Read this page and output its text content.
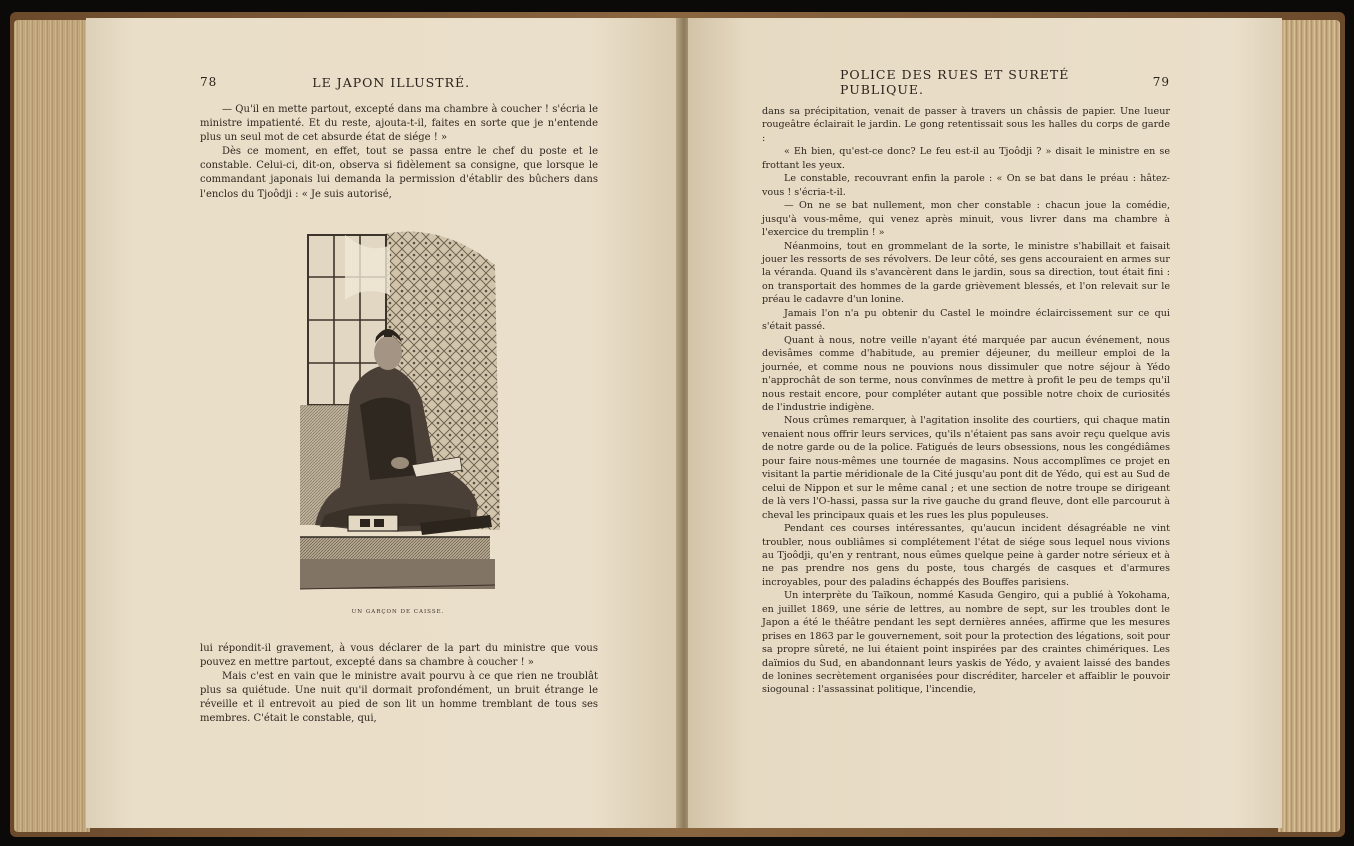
78	LE JAPON ILLUSTRÉ.

— Qu'il en mette partout, excepté dans ma chambre à coucher ! s'écria le ministre impatienté. Et du reste, ajouta-t-il, faites en sorte que je n'entende plus un seul mot de cet absurde état de siége ! »

Dès ce moment, en effet, tout se passa entre le chef du poste et le constable. Celui-ci, dit-on, observa si fidèlement sa consigne, que lorsque le commandant japonais lui demanda la permission d'établir des bûchers dans l'enclos du Tjoôdji : « Je suis autorisé,

UN GARÇON DE CAISSE.

lui répondit-il gravement, à vous déclarer de la part du ministre que vous pouvez en mettre partout, excepté dans sa chambre à coucher ! »

Mais c'est en vain que le ministre avait pourvu à ce que rien ne troublât plus sa quiétude. Une nuit qu'il dormait profondément, un bruit étrange le réveille et il entrevoit au pied de son lit un homme tremblant de tous ses membres. C'était le constable, qui,

POLICE DES RUES ET SURETÉ PUBLIQUE.	79

dans sa précipitation, venait de passer à travers un châssis de papier. Une lueur rougeâtre éclairait le jardin. Le gong retentissait sous les halles du corps de garde :

« Eh bien, qu'est-ce donc? Le feu est-il au Tjoôdji ? » disait le ministre en se frottant les yeux.

Le constable, recouvrant enfin la parole : « On se bat dans le préau : hâtez-vous ! s'écria-t-il.

— On ne se bat nullement, mon cher constable : chacun joue la comédie, jusqu'à vous-même, qui venez après minuit, vous livrer dans ma chambre à l'exercice du tremplin ! »

Néanmoins, tout en grommelant de la sorte, le ministre s'habillait et faisait jouer les ressorts de ses révolvers. De leur côté, ses gens accouraient en armes sur la véranda. Quand ils s'avancèrent dans le jardin, sous sa direction, tout était fini : on transportait des hommes de la garde grièvement blessés, et l'on relevait sur le préau le cadavre d'un lonine.

Jamais l'on n'a pu obtenir du Castel le moindre éclaircissement sur ce qui s'était passé.

Quant à nous, notre veille n'ayant été marquée par aucun événement, nous devisâmes comme d'habitude, au premier déjeuner, du meilleur emploi de la journée, et comme nous ne pouvions nous dissimuler que notre séjour à Yédo n'approchât de son terme, nous convînmes de mettre à profit le peu de temps qu'il nous restait encore, pour compléter autant que possible notre choix de curiosités de l'industrie indigène.

Nous crûmes remarquer, à l'agitation insolite des courtiers, qui chaque matin venaient nous offrir leurs services, qu'ils n'étaient pas sans avoir reçu quelque avis de notre garde ou de la police. Fatigués de leurs obsessions, nous les congédiâmes pour faire nous-mêmes une tournée de magasins. Nous accomplîmes ce projet en visitant la partie méridionale de la Cité jusqu'au pont dit de Yédo, qui est au Sud de celui de Nippon et sur le même canal ; et une section de notre troupe se dirigeant de là vers l'O-hassi, passa sur la rive gauche du grand fleuve, dont elle parcourut à cheval les principaux quais et les rues les plus populeuses.

Pendant ces courses intéressantes, qu'aucun incident désagréable ne vint troubler, nous oubliâmes si complétement l'état de siége sous lequel nous vivions au Tjoôdji, qu'en y rentrant, nous eûmes quelque peine à garder notre sérieux et à ne pas prendre nos gens du poste, tous chargés de casques et d'armures incroyables, pour des paladins échappés des Bouffes parisiens.

Un interprète du Taïkoun, nommé Kasuda Gengiro, qui a publié à Yokohama, en juillet 1869, une série de lettres, au nombre de sept, sur les troubles dont le Japon a été le théâtre pendant les sept dernières années, affirme que les mesures prises en 1863 par le gouvernement, soit pour la protection des légations, soit pour sa propre sûreté, ne lui étaient point inspirées par des craintes chimériques. Les daïmios du Sud, en abandonnant leurs yaskis de Yédo, y avaient laissé des bandes de lonines secrètement organisées pour discréditer, harceler et affaiblir le pouvoir siogounal : l'assassinat politique, l'incendie,
